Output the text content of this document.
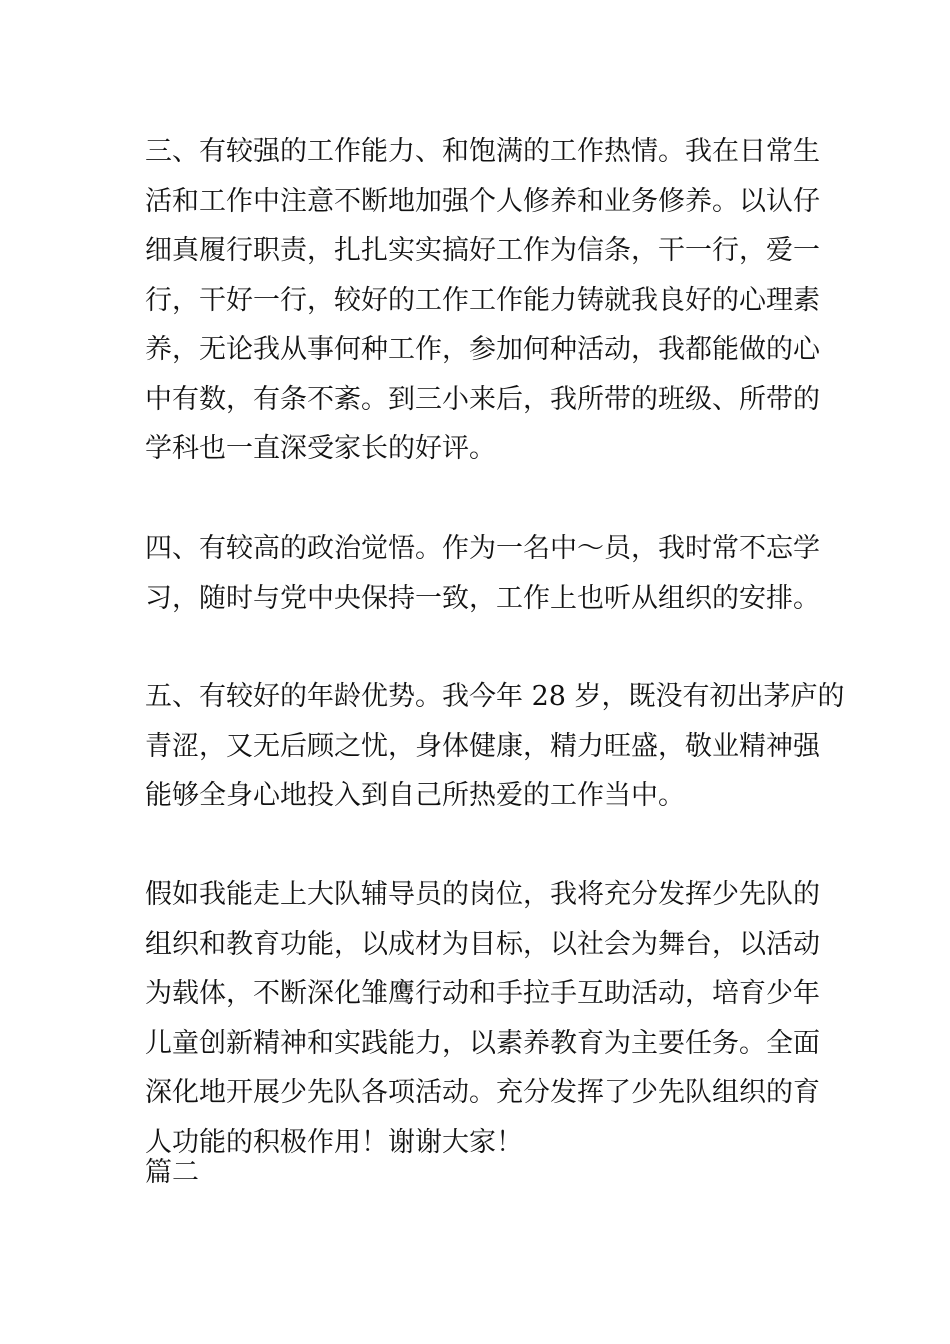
三、有较强的工作能力、和饱满的工作热情。我在日常生
活和工作中注意不断地加强个人修养和业务修养。以认仔
细真履行职责，扎扎实实搞好工作为信条，干一行，爱一
行，干好一行，较好的工作工作能力铸就我良好的心理素
养，无论我从事何种工作，参加何种活动，我都能做的心
中有数，有条不紊。到三小来后，我所带的班级、所带的
学科也一直深受家长的好评。
四、有较高的政治觉悟。作为一名中～员，我时常不忘学
习，随时与党中央保持一致，工作上也听从组织的安排。
五、有较好的年龄优势。我今年 28 岁，既没有初出茅庐的
青涩，又无后顾之忧，身体健康，精力旺盛，敬业精神强
能够全身心地投入到自己所热爱的工作当中。
假如我能走上大队辅导员的岗位，我将充分发挥少先队的
组织和教育功能，以成材为目标，以社会为舞台，以活动
为载体，不断深化雏鹰行动和手拉手互助活动，培育少年
儿童创新精神和实践能力，以素养教育为主要任务。全面
深化地开展少先队各项活动。充分发挥了少先队组织的育
人功能的积极作用！谢谢大家！
篇二
